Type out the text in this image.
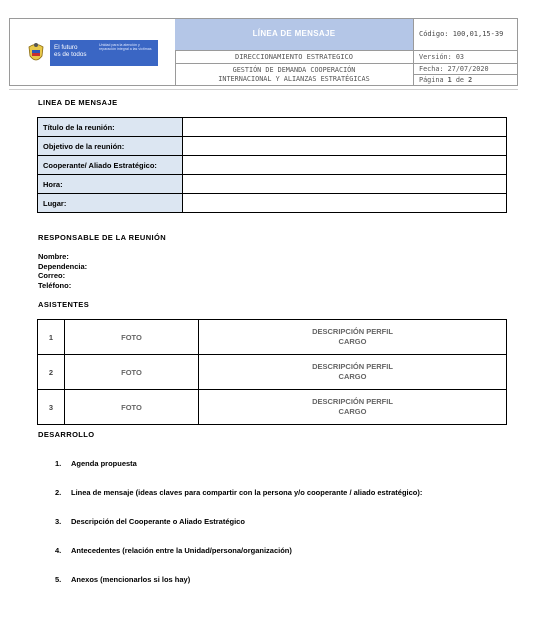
El futuro
es de todos
Unidad para la atención y reparación integral a las víctimas
LÍNEA DE MENSAJE	Código: 100,01,15-39
DIRECCIONAMIENTO ESTRATEGICO	Versión: 03
GESTIÓN DE DEMANDA COOPERACIÓN
INTERNACIONAL Y ALIANZAS ESTRATÉGICAS
Fecha: 27/07/2020
Página 1 de 2
LINEA DE MENSAJE
Título de la reunión:	
Objetivo de la reunión:	
Cooperante/ Aliado Estratégico:	
Hora:	
Lugar:	
RESPONSABLE DE LA REUNIÓN
Nombre:
Dependencia:
Correo:
Teléfono:
ASISTENTES
1	FOTO	DESCRIPCIÓN PERFIL
CARGO

2	FOTO	DESCRIPCIÓN PERFIL
CARGO

3	FOTO	DESCRIPCIÓN PERFIL
CARGO
DESARROLLO
1. Agenda propuesta
2. Linea de mensaje (ideas claves para compartir con la persona y/o cooperante / aliado estratégico):
3. Descripción del Cooperante o Aliado Estratégico
4. Antecedentes (relación entre la Unidad/persona/organización)
5. Anexos (mencionarlos si los hay)
